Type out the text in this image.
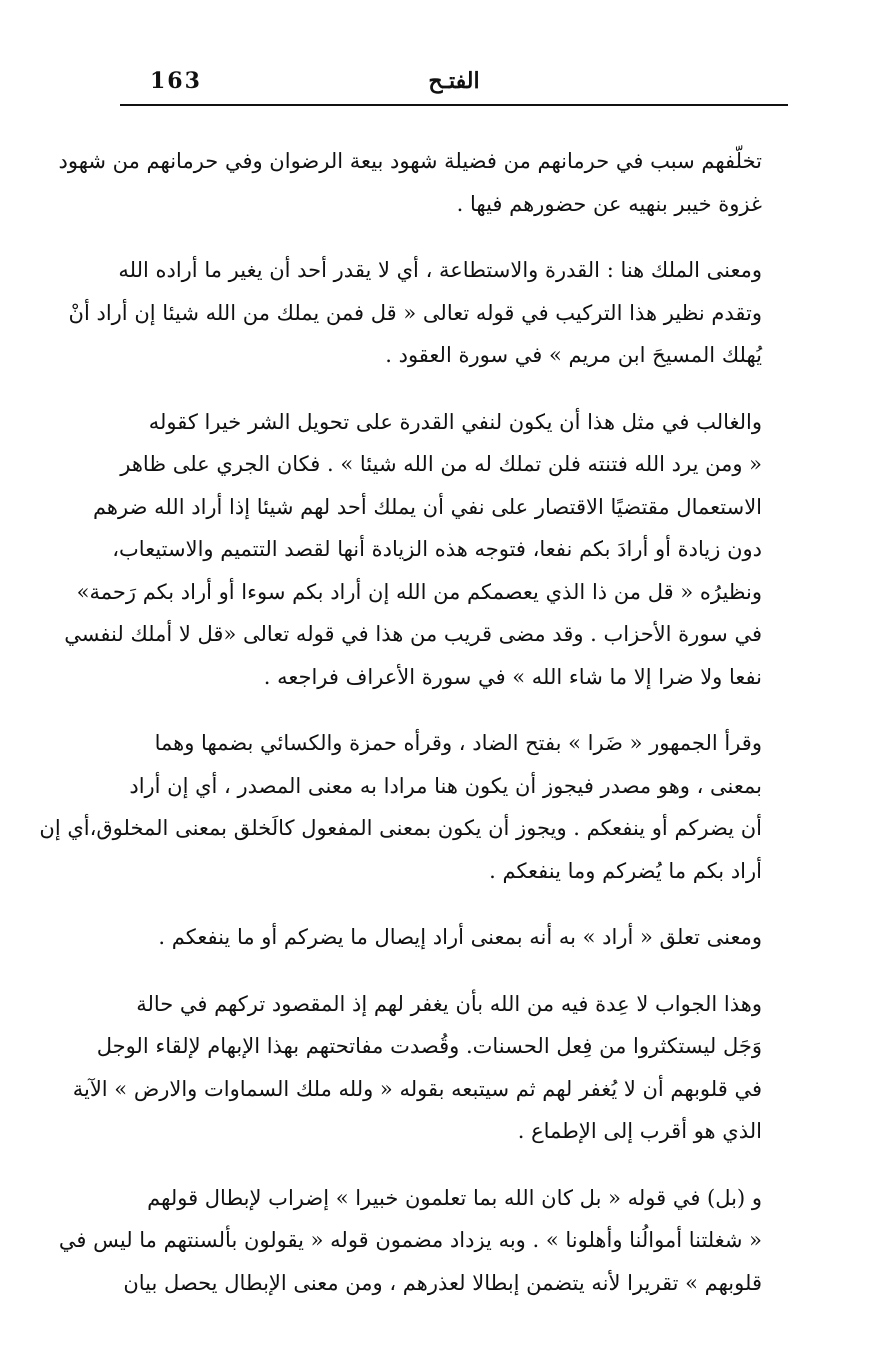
163	الفتـح

تخلّفهم سبب في حرمانهم من فضيلة شهود بيعة الرضوان وفي حرمانهم من شهود
غزوة خيبر بنهيه عن حضورهم فيها .

ومعنى الملك هنا : القدرة والاستطاعة ، أي لا يقدر أحد أن يغير ما أراده الله
وتقدم نظير هذا التركيب في قوله تعالى « قل فمن يملك من الله شيئا إن أراد أنْ
يُهلك المسيحَ ابن مريم » في سورة العقود .

والغالب في مثل هذا أن يكون لنفي القدرة على تحويل الشر خيرا كقوله
« ومن يرد الله فتنته فلن تملك له من الله شيئا » . فكان الجري على ظاهر
الاستعمال مقتضيًا الاقتصار على نفي أن يملك أحد لهم شيئا إذا أراد الله ضرهم
دون زيادة أو أرادَ بكم نفعا، فتوجه هذه الزيادة أنها لقصد التتميم والاستيعاب،
ونظيرُه « قل من ذا الذي يعصمكم من الله إن أراد بكم سوءا أو أراد بكم رَحمة»
في سورة الأحزاب . وقد مضى قريب من هذا في قوله تعالى «قل لا أملك لنفسي
نفعا ولا ضرا إلا ما شاء الله » في سورة الأعراف فراجعه .

وقرأ الجمهور « ضَرا » بفتح الضاد ، وقرأه حمزة والكسائي بضمها وهما
بمعنى ، وهو مصدر فيجوز أن يكون هنا مرادا به معنى المصدر ، أي إن أراد
أن يضركم أو ينفعكم . ويجوز أن يكون بمعنى المفعول كالَخلق بمعنى المخلوق،أي إن
أراد بكم ما يُضركم وما ينفعكم .

ومعنى تعلق « أراد » به أنه بمعنى أراد إيصال ما يضركم أو ما ينفعكم .

وهذا الجواب لا عِدة فيه من الله بأن يغفر لهم إذ المقصود تركهم في حالة
وَجَل ليستكثروا من فِعل الحسنات. وقُصدت مفاتحتهم بهذا الإبهام لإلقاء الوجل
في قلوبهم أن لا يُغفر لهم ثم سيتبعه بقوله « ولله ملك السماوات والارض » الآية
الذي هو أقرب إلى الإطماع .

و (بل) في قوله « بل كان الله بما تعلمون خبيرا » إضراب لإبطال قولهم
« شغلتنا أموالُنا وأهلونا » . وبه يزداد مضمون قوله « يقولون بألسنتهم ما ليس في
قلوبهم » تقريرا لأنه يتضمن إبطالا لعذرهم ، ومن معنى الإبطال يحصل بيان
